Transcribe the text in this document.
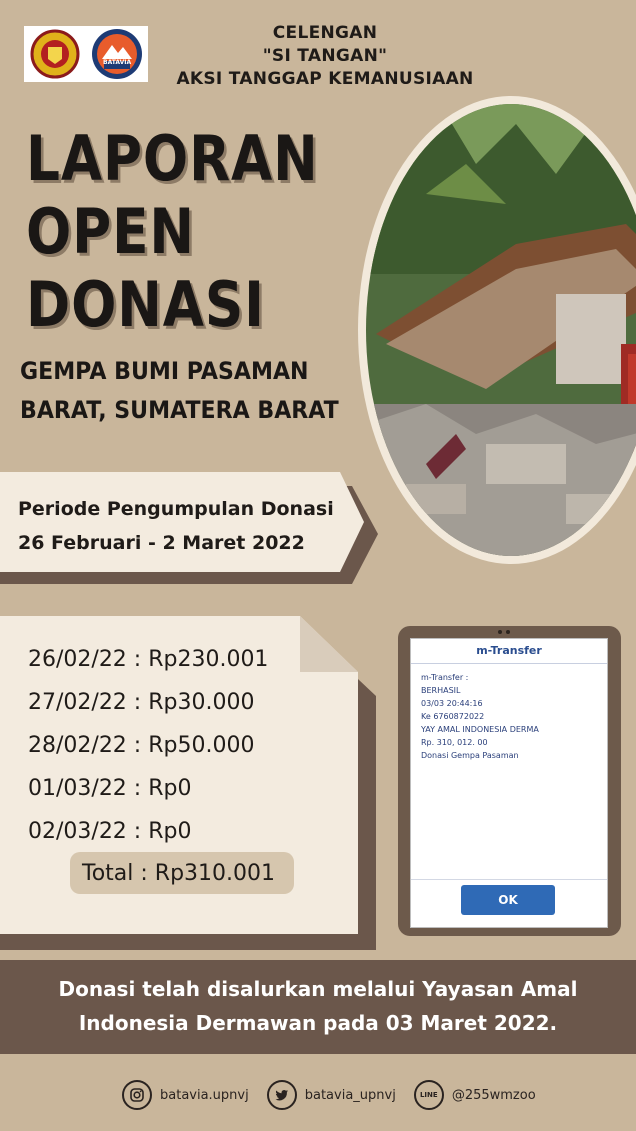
BATAVIA
CELENGAN
"SI TANGAN"
AKSI TANGGAP KEMANUSIAAN
LAPORAN
OPEN
DONASI
GEMPA BUMI PASAMAN
BARAT, SUMATERA BARAT
Periode Pengumpulan Donasi
26 Februari - 2 Maret 2022
26/02/22 : Rp230.001
27/02/22 : Rp30.000
28/02/22 : Rp50.000
01/03/22 : Rp0
02/03/22 : Rp0
Total : Rp310.001
m-Transfer
m-Transfer :
BERHASIL
03/03 20:44:16
Ke 6760872022
YAY AMAL INDONESIA DERMA
Rp. 310, 012. 00
Donasi Gempa Pasaman
OK
Donasi telah disalurkan melalui Yayasan Amal
Indonesia Dermawan pada 03 Maret 2022.
batavia.upnvj	batavia_upnvj	LINE @255wmzoo
